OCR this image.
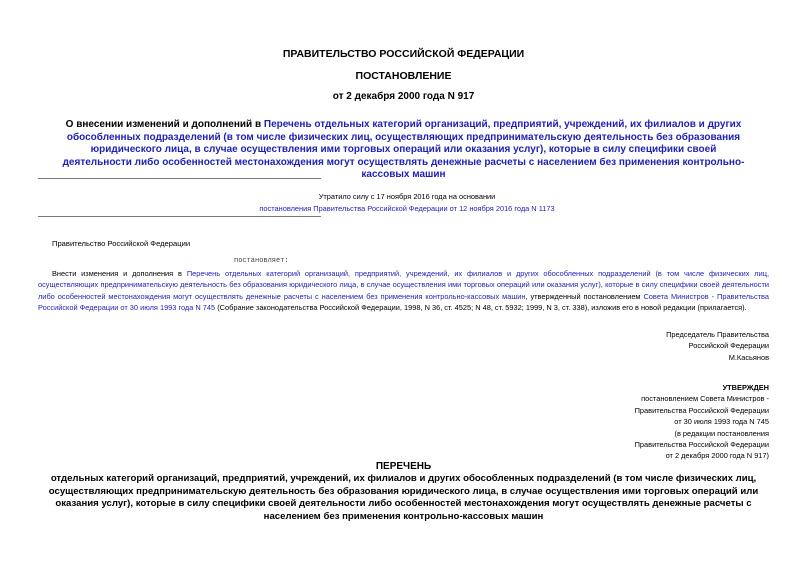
ПРАВИТЕЛЬСТВО РОССИЙСКОЙ ФЕДЕРАЦИИ
ПОСТАНОВЛЕНИЕ
от 2 декабря 2000 года N 917
О внесении изменений и дополнений в Перечень отдельных категорий организаций, предприятий, учреждений, их филиалов и других обособленных подразделений (в том числе физических лиц, осуществляющих предпринимательскую деятельность без образования юридического лица, в случае осуществления ими торговых операций или оказания услуг), которые в силу специфики своей деятельности либо особенностей местонахождения могут осуществлять денежные расчеты с населением без применения контрольно-кассовых машин
Утратило силу с 17 ноября 2016 года на основании
постановления Правительства Российской Федерации от 12 ноября 2016 года N 1173
Правительство Российской Федерации
постановляет:
Внести изменения и дополнения в Перечень отдельных категорий организаций, предприятий, учреждений, их филиалов и других обособленных подразделений (в том числе физических лиц, осуществляющих предпринимательскую деятельность без образования юридического лица, в случае осуществления ими торговых операций или оказания услуг), которые в силу специфики своей деятельности либо особенностей местонахождения могут осуществлять денежные расчеты с населением без применения контрольно-кассовых машин, утвержденный постановлением Совета Министров - Правительства Российской Федерации от 30 июля 1993 года N 745 (Собрание законодательства Российской Федерации, 1998, N 36, ст. 4525; N 48, ст. 5932; 1999, N 3, ст. 338), изложив его в новой редакции (прилагается).
Председатель Правительства
Российской Федерации
М.Касьянов
УТВЕРЖДЕН
постановлением Совета Министров -
Правительства Российской Федерации
от 30 июля 1993 года N 745
(в редакции постановления
Правительства Российской Федерации
от 2 декабря 2000 года N 917)
ПЕРЕЧЕНЬ
отдельных категорий организаций, предприятий, учреждений, их филиалов и других обособленных подразделений (в том числе физических лиц, осуществляющих предпринимательскую деятельность без образования юридического лица, в случае осуществления ими торговых операций или оказания услуг), которые в силу специфики своей деятельности либо особенностей местонахождения могут осуществлять денежные расчеты с населением без применения контрольно-кассовых машин
